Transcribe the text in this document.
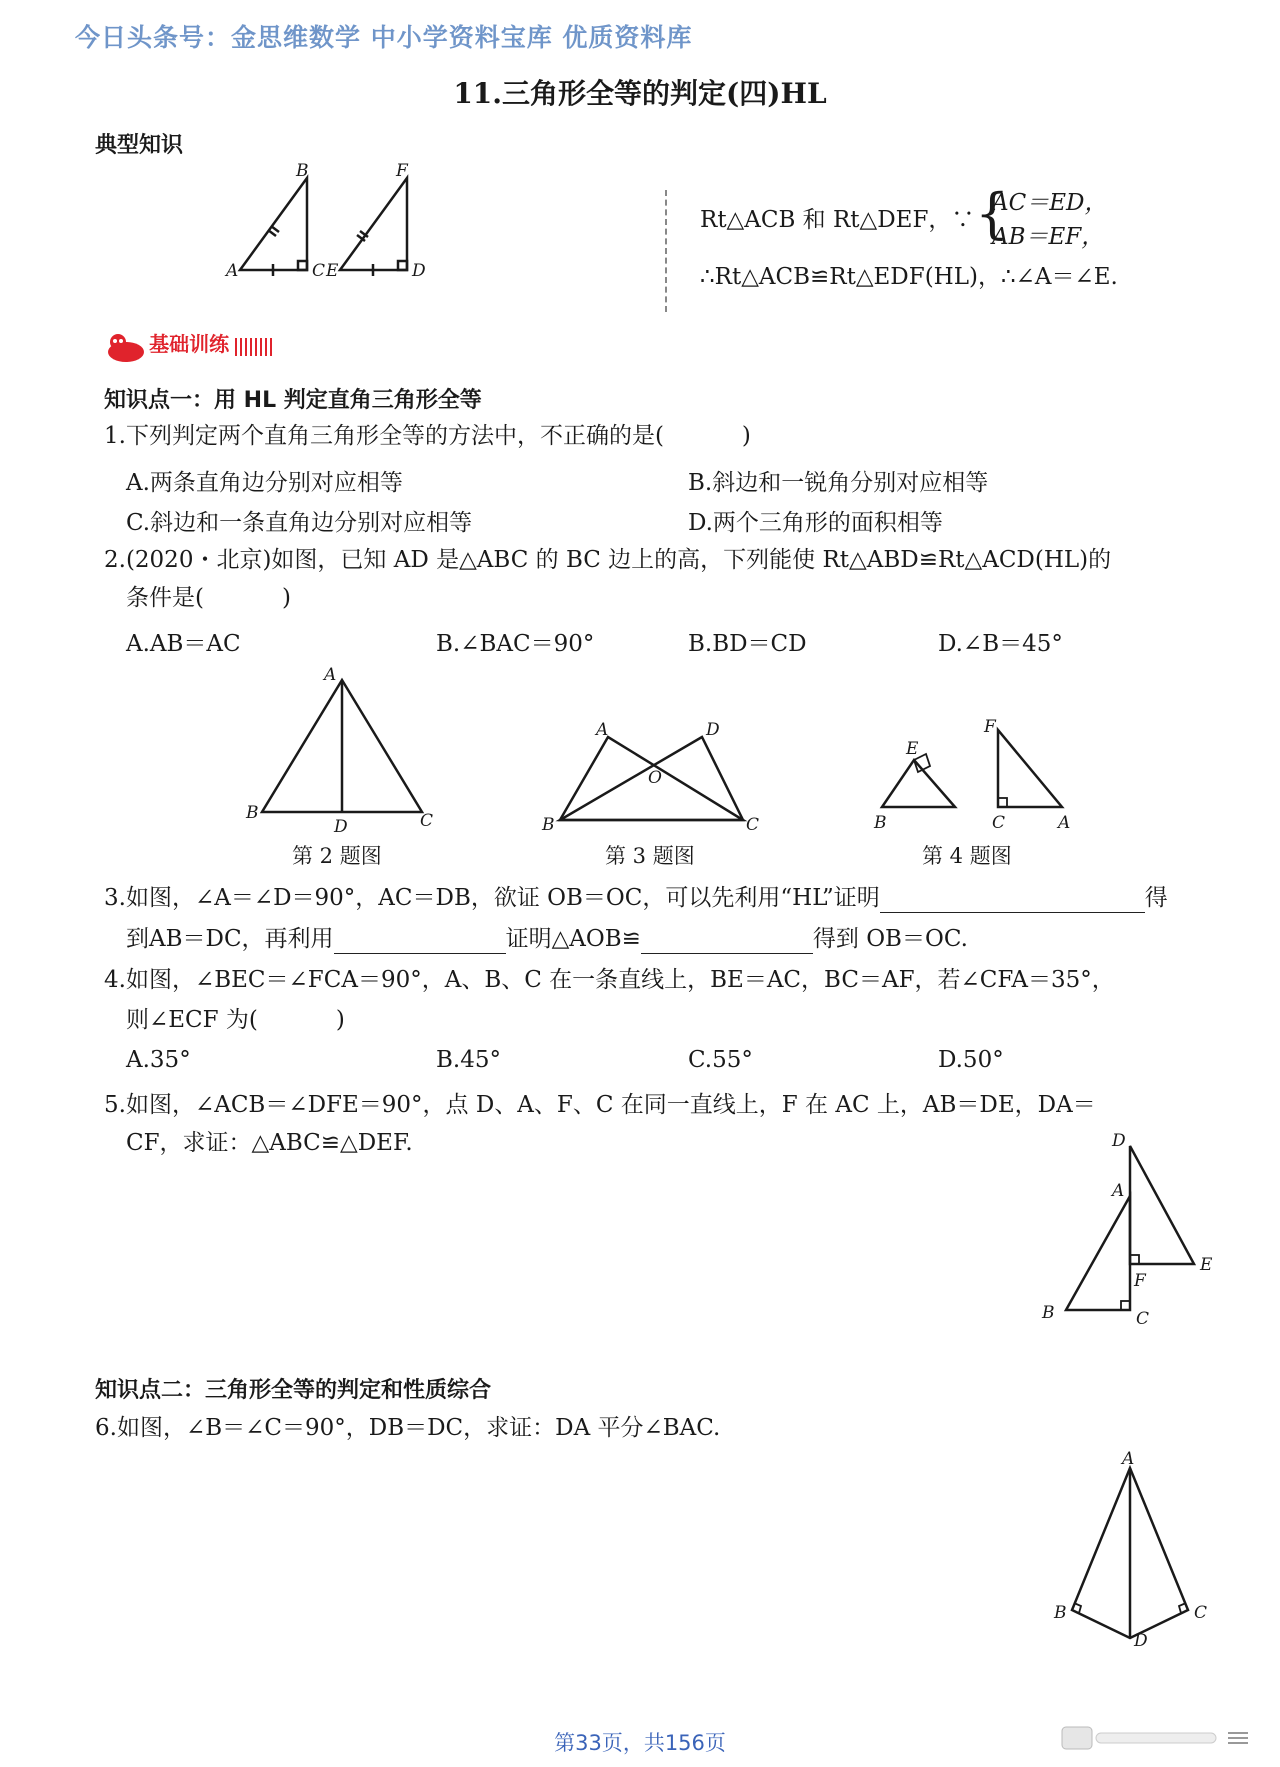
今日头条号：金思维数学 中小学资料宝库 优质资料库
11.三角形全等的判定(四)HL
典型知识
B	F
A	C E	D
Rt△ACB 和 Rt△DEF，∵ {
AC＝ED，
AB＝EF，
∴Rt△ACB≌Rt△EDF(HL)，∴∠A＝∠E.
基础训练
知识点一：用 HL 判定直角三角形全等
1.下列判定两个直角三角形全等的方法中，不正确的是(	)
A.两条直角边分别对应相等	B.斜边和一锐角分别对应相等
C.斜边和一条直角边分别对应相等	D.两个三角形的面积相等
2.(2020・北京)如图，已知 AD 是△ABC 的 BC 边上的高，下列能使 Rt△ABD≌Rt△ACD(HL)的
条件是(	)
A.AB＝AC	B.∠BAC＝90°	B.BD＝CD	D.∠B＝45°
A
B
D	C
第 2 题图
A	D
O
B	C
第 3 题图
E
F
B	C	A
第 4 题图
3.如图，∠A＝∠D＝90°，AC＝DB，欲证 OB＝OC，可以先利用“HL”证明	得
到AB＝DC，再利用	证明△AOB≌	得到 OB＝OC.
4.如图，∠BEC＝∠FCA＝90°，A、B、C 在一条直线上，BE＝AC，BC＝AF，若∠CFA＝35°，
则∠ECF 为(	)
A.35°	B.45°	C.55°	D.50°
5.如图，∠ACB＝∠DFE＝90°，点 D、A、F、C 在同一直线上，F 在 AC 上，AB＝DE，DA＝
CF，求证：△ABC≌△DEF.	D
A
E
F
B	C
知识点二：三角形全等的判定和性质综合
6.如图，∠B＝∠C＝90°，DB＝DC，求证：DA 平分∠BAC.
A
B	C
D
第33页，共156页
